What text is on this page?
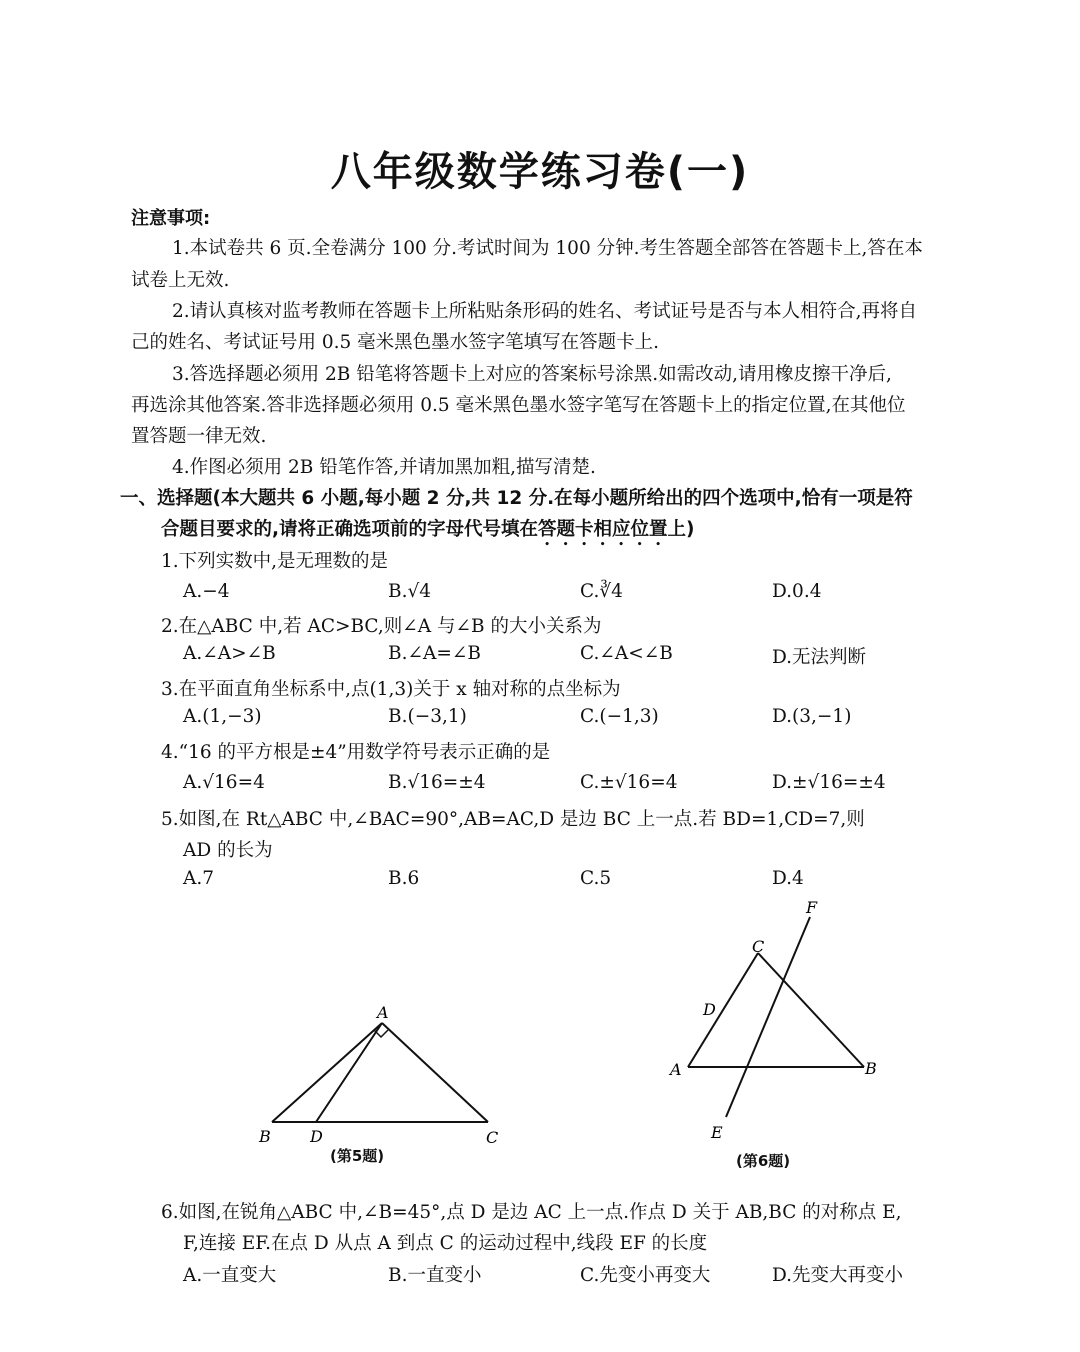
八年级数学练习卷(一)
注意事项:
1.本试卷共 6 页.全卷满分 100 分.考试时间为 100 分钟.考生答题全部答在答题卡上,答在本
试卷上无效.
2.请认真核对监考教师在答题卡上所粘贴条形码的姓名、考试证号是否与本人相符合,再将自
己的姓名、考试证号用 0.5 毫米黑色墨水签字笔填写在答题卡上.
3.答选择题必须用 2B 铅笔将答题卡上对应的答案标号涂黑.如需改动,请用橡皮擦干净后,
再选涂其他答案.答非选择题必须用 0.5 毫米黑色墨水签字笔写在答题卡上的指定位置,在其他位
置答题一律无效.
4.作图必须用 2B 铅笔作答,并请加黑加粗,描写清楚.
一、选择题(本大题共 6 小题,每小题 2 分,共 12 分.在每小题所给出的四个选项中,恰有一项是符
合题目要求的,请将正确选项前的字母代号填在答题卡相应位置上)
1.下列实数中,是无理数的是
A.−4	B.√4	C.∛4	D.0.4
2.在△ABC 中,若 AC>BC,则∠A 与∠B 的大小关系为
A.∠A>∠B	B.∠A=∠B	C.∠A<∠B	D.无法判断
3.在平面直角坐标系中,点(1,3)关于 x 轴对称的点坐标为
A.(1,−3)	B.(−3,1)	C.(−1,3)	D.(3,−1)
4.“16 的平方根是±4”用数学符号表示正确的是
A.√16=4	B.√16=±4	C.±√16=4	D.±√16=±4
5.如图,在 Rt△ABC 中,∠BAC=90°,AB=AC,D 是边 BC 上一点.若 BD=1,CD=7,则
AD 的长为
A.7	B.6	C.5	D.4
A
B D	C
(第5题)
F
C
D
A	B
E
(第6题)
6.如图,在锐角△ABC 中,∠B=45°,点 D 是边 AC 上一点.作点 D 关于 AB,BC 的对称点 E,
F,连接 EF.在点 D 从点 A 到点 C 的运动过程中,线段 EF 的长度
A.一直变大	B.一直变小	C.先变小再变大	D.先变大再变小
